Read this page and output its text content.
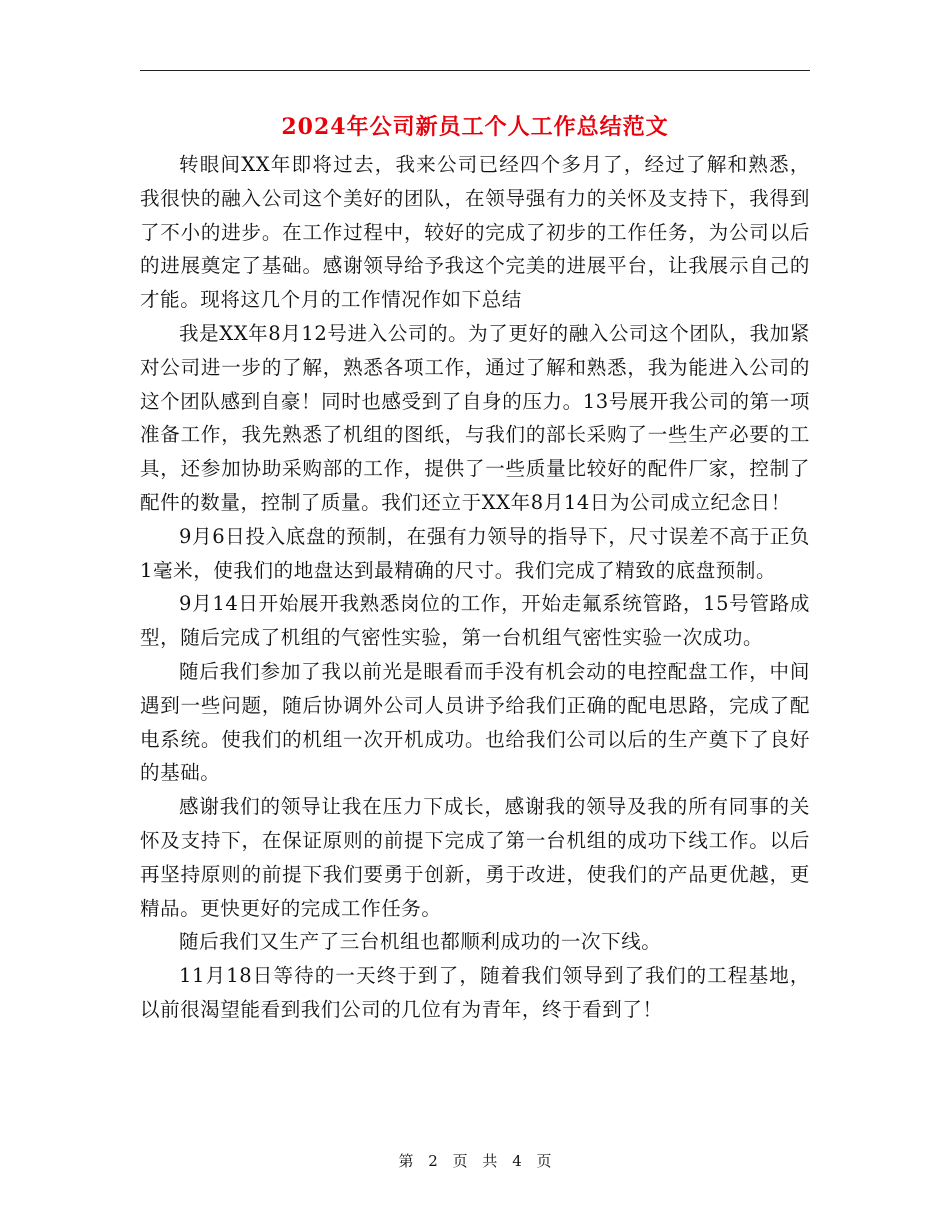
2024年公司新员工个人工作总结范文

转眼间XX年即将过去，我来公司已经四个多月了，经过了解和熟悉，我很快的融入公司这个美好的团队，在领导强有力的关怀及支持下，我得到了不小的进步。在工作过程中，较好的完成了初步的工作任务，为公司以后的进展奠定了基础。感谢领导给予我这个完美的进展平台，让我展示自己的才能。现将这几个月的工作情况作如下总结

我是XX年8月12号进入公司的。为了更好的融入公司这个团队，我加紧对公司进一步的了解，熟悉各项工作，通过了解和熟悉，我为能进入公司的这个团队感到自豪！同时也感受到了自身的压力。13号展开我公司的第一项准备工作，我先熟悉了机组的图纸，与我们的部长采购了一些生产必要的工具，还参加协助采购部的工作，提供了一些质量比较好的配件厂家，控制了配件的数量，控制了质量。我们还立于XX年8月14日为公司成立纪念日！

9月6日投入底盘的预制，在强有力领导的指导下，尺寸误差不高于正负1毫米，使我们的地盘达到最精确的尺寸。我们完成了精致的底盘预制。

9月14日开始展开我熟悉岗位的工作，开始走氟系统管路，15号管路成型，随后完成了机组的气密性实验，第一台机组气密性实验一次成功。

随后我们参加了我以前光是眼看而手没有机会动的电控配盘工作，中间遇到一些问题，随后协调外公司人员讲予给我们正确的配电思路，完成了配电系统。使我们的机组一次开机成功。也给我们公司以后的生产奠下了良好的基础。

感谢我们的领导让我在压力下成长，感谢我的领导及我的所有同事的关怀及支持下，在保证原则的前提下完成了第一台机组的成功下线工作。以后再坚持原则的前提下我们要勇于创新，勇于改进，使我们的产品更优越，更精品。更快更好的完成工作任务。

随后我们又生产了三台机组也都顺利成功的一次下线。

11月18日等待的一天终于到了，随着我们领导到了我们的工程基地，以前很渴望能看到我们公司的几位有为青年，终于看到了！

第 2 页 共 4 页
